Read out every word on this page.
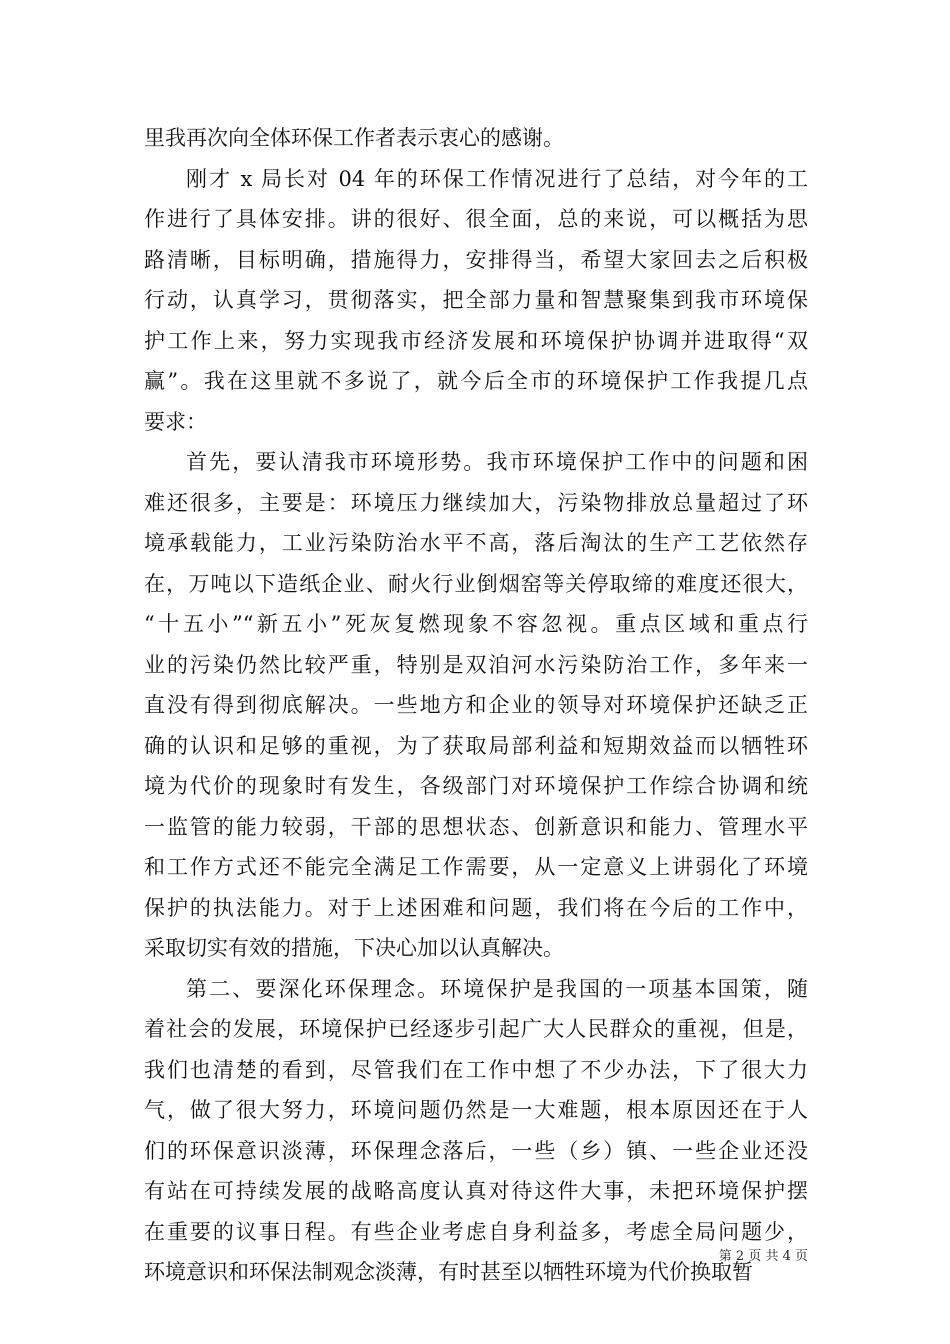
里我再次向全体环保工作者表示衷心的感谢。
刚才 x 局长对 04 年的环保工作情况进行了总结，对今年的工
作进行了具体安排。讲的很好、很全面，总的来说，可以概括为思
路清晰，目标明确，措施得力，安排得当，希望大家回去之后积极
行动，认真学习，贯彻落实，把全部力量和智慧聚集到我市环境保
护工作上来，努力实现我市经济发展和环境保护协调并进取得“双
赢”。我在这里就不多说了，就今后全市的环境保护工作我提几点
要求：
首先，要认清我市环境形势。我市环境保护工作中的问题和困
难还很多，主要是：环境压力继续加大，污染物排放总量超过了环
境承载能力，工业污染防治水平不高，落后淘汰的生产工艺依然存
在，万吨以下造纸企业、耐火行业倒烟窑等关停取缔的难度还很大，
“十五小”“新五小”死灰复燃现象不容忽视。重点区域和重点行
业的污染仍然比较严重，特别是双洎河水污染防治工作，多年来一
直没有得到彻底解决。一些地方和企业的领导对环境保护还缺乏正
确的认识和足够的重视，为了获取局部利益和短期效益而以牺牲环
境为代价的现象时有发生，各级部门对环境保护工作综合协调和统
一监管的能力较弱，干部的思想状态、创新意识和能力、管理水平
和工作方式还不能完全满足工作需要，从一定意义上讲弱化了环境
保护的执法能力。对于上述困难和问题，我们将在今后的工作中，
采取切实有效的措施，下决心加以认真解决。
第二、要深化环保理念。环境保护是我国的一项基本国策，随
着社会的发展，环境保护已经逐步引起广大人民群众的重视，但是，
我们也清楚的看到，尽管我们在工作中想了不少办法，下了很大力
气，做了很大努力，环境问题仍然是一大难题，根本原因还在于人
们的环保意识淡薄，环保理念落后，一些（乡）镇、一些企业还没
有站在可持续发展的战略高度认真对待这件大事，未把环境保护摆
在重要的议事日程。有些企业考虑自身利益多，考虑全局问题少，
环境意识和环保法制观念淡薄，有时甚至以牺牲环境为代价换取暂
第 2 页 共 4 页
